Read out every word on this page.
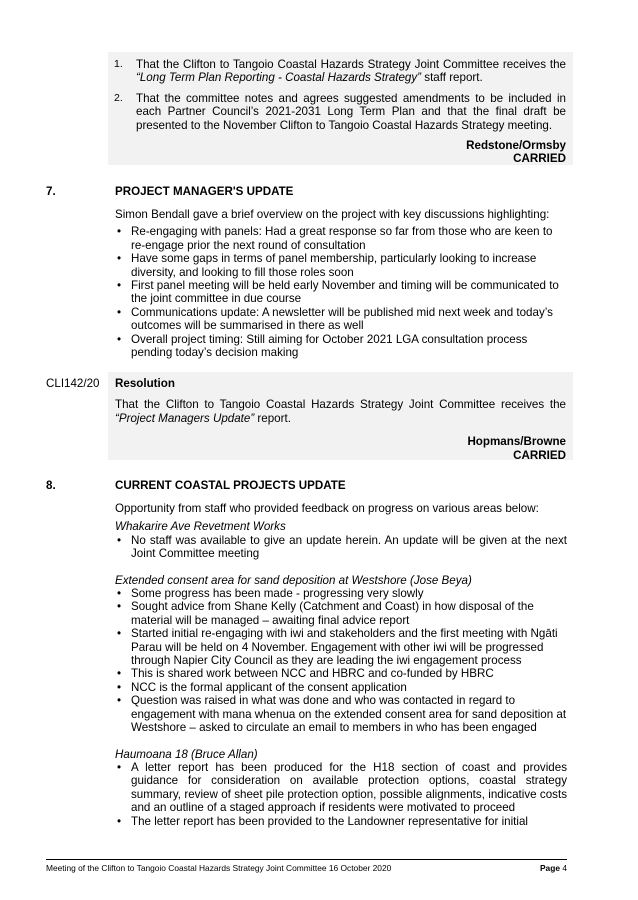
1. That the Clifton to Tangoio Coastal Hazards Strategy Joint Committee receives the “Long Term Plan Reporting - Coastal Hazards Strategy” staff report.
2. That the committee notes and agrees suggested amendments to be included in each Partner Council’s 2021-2031 Long Term Plan and that the final draft be presented to the November Clifton to Tangoio Coastal Hazards Strategy meeting.
Redstone/Ormsby
CARRIED
7.	PROJECT MANAGER'S UPDATE
Simon Bendall gave a brief overview on the project with key discussions highlighting:
• Re-engaging with panels: Had a great response so far from those who are keen to re-engage prior the next round of consultation
• Have some gaps in terms of panel membership, particularly looking to increase diversity, and looking to fill those roles soon
• First panel meeting will be held early November and timing will be communicated to the joint committee in due course
• Communications update: A newsletter will be published mid next week and today’s outcomes will be summarised in there as well
• Overall project timing: Still aiming for October 2021 LGA consultation process pending today’s decision making
CLI142/20	Resolution
That the Clifton to Tangoio Coastal Hazards Strategy Joint Committee receives the “Project Managers Update” report.
Hopmans/Browne
CARRIED
8.	CURRENT COASTAL PROJECTS UPDATE
Opportunity from staff who provided feedback on progress on various areas below:
Whakarire Ave Revetment Works
• No staff was available to give an update herein. An update will be given at the next Joint Committee meeting
Extended consent area for sand deposition at Westshore (Jose Beya)
• Some progress has been made - progressing very slowly
• Sought advice from Shane Kelly (Catchment and Coast) in how disposal of the material will be managed – awaiting final advice report
• Started initial re-engaging with iwi and stakeholders and the first meeting with Ngāti Parau will be held on 4 November. Engagement with other iwi will be progressed through Napier City Council as they are leading the iwi engagement process
• This is shared work between NCC and HBRC and co-funded by HBRC
• NCC is the formal applicant of the consent application
• Question was raised in what was done and who was contacted in regard to engagement with mana whenua on the extended consent area for sand deposition at Westshore – asked to circulate an email to members in who has been engaged
Haumoana 18 (Bruce Allan)
• A letter report has been produced for the H18 section of coast and provides guidance for consideration on available protection options, coastal strategy summary, review of sheet pile protection option, possible alignments, indicative costs and an outline of a staged approach if residents were motivated to proceed
• The letter report has been provided to the Landowner representative for initial
Meeting of the Clifton to Tangoio Coastal Hazards Strategy Joint Committee 16 October 2020	Page 4
